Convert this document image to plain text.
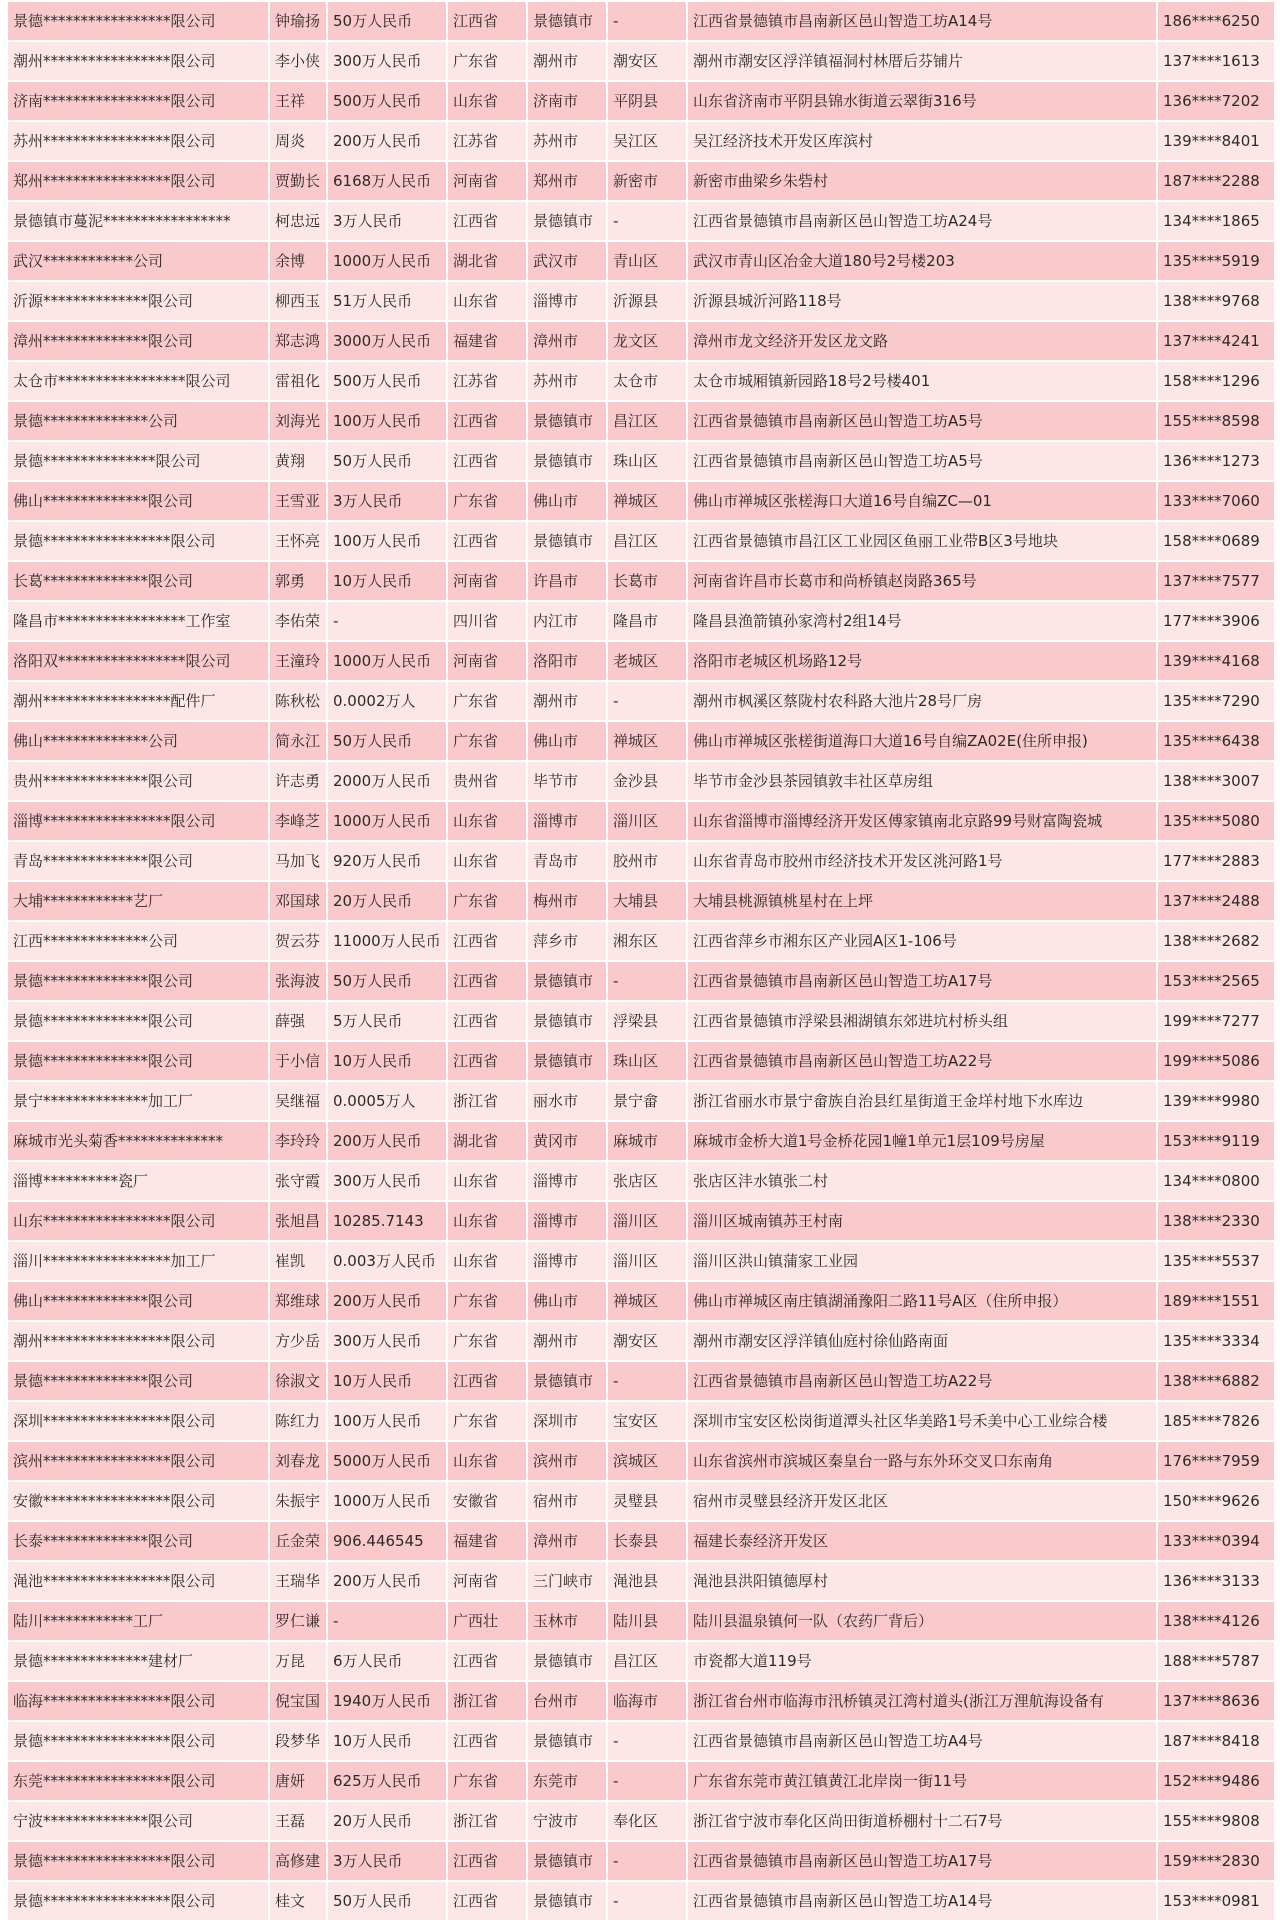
景德*****************限公司	钟瑜扬	50万人民币	江西省	景德镇市	-	江西省景德镇市昌南新区邑山智造工坊A14号	186****6250
潮州*****************限公司	李小侠	300万人民币	广东省	潮州市	潮安区	潮州市潮安区浮洋镇福洞村林厝后芬铺片	137****1613
济南*****************限公司	王祥	500万人民币	山东省	济南市	平阴县	山东省济南市平阴县锦水街道云翠街316号	136****7202
苏州*****************限公司	周炎	200万人民币	江苏省	苏州市	吴江区	吴江经济技术开发区库滨村	139****8401
郑州*****************限公司	贾勤长	6168万人民币	河南省	郑州市	新密市	新密市曲梁乡朱砦村	187****2288
景德镇市蔓泥*****************	柯忠远	3万人民币	江西省	景德镇市	-	江西省景德镇市昌南新区邑山智造工坊A24号	134****1865
武汉************公司	余博	1000万人民币	湖北省	武汉市	青山区	武汉市青山区冶金大道180号2号楼203	135****5919
沂源**************限公司	柳西玉	51万人民币	山东省	淄博市	沂源县	沂源县城沂河路118号	138****9768
漳州**************限公司	郑志鸿	3000万人民币	福建省	漳州市	龙文区	漳州市龙文经济开发区龙文路	137****4241
太仓市*****************限公司	雷祖化	500万人民币	江苏省	苏州市	太仓市	太仓市城厢镇新园路18号2号楼401	158****1296
景德**************公司	刘海光	100万人民币	江西省	景德镇市	昌江区	江西省景德镇市昌南新区邑山智造工坊A5号	155****8598
景德***************限公司	黄翔	50万人民币	江西省	景德镇市	珠山区	江西省景德镇市昌南新区邑山智造工坊A5号	136****1273
佛山**************限公司	王雪亚	3万人民币	广东省	佛山市	禅城区	佛山市禅城区张槎海口大道16号自编ZC—01	133****7060
景德*****************限公司	王怀亮	100万人民币	江西省	景德镇市	昌江区	江西省景德镇市昌江区工业园区鱼丽工业带B区3号地块	158****0689
长葛**************限公司	郭勇	10万人民币	河南省	许昌市	长葛市	河南省许昌市长葛市和尚桥镇赵岗路365号	137****7577
隆昌市*****************工作室	李佑荣	-	四川省	内江市	隆昌市	隆昌县渔箭镇孙家湾村2组14号	177****3906
洛阳双*****************限公司	王潼玲	1000万人民币	河南省	洛阳市	老城区	洛阳市老城区机场路12号	139****4168
潮州*****************配件厂	陈秋松	0.0002万人	广东省	潮州市	-	潮州市枫溪区蔡陇村农科路大池片28号厂房	135****7290
佛山**************公司	简永江	50万人民币	广东省	佛山市	禅城区	佛山市禅城区张槎街道海口大道16号自编ZA02E(住所申报)	135****6438
贵州**************限公司	许志勇	2000万人民币	贵州省	毕节市	金沙县	毕节市金沙县茶园镇敦丰社区草房组	138****3007
淄博*****************限公司	李峰芝	1000万人民币	山东省	淄博市	淄川区	山东省淄博市淄博经济开发区傅家镇南北京路99号财富陶瓷城	135****5080
青岛**************限公司	马加飞	920万人民币	山东省	青岛市	胶州市	山东省青岛市胶州市经济技术开发区洮河路1号	177****2883
大埔************艺厂	邓国球	20万人民币	广东省	梅州市	大埔县	大埔县桃源镇桃星村在上坪	137****2488
江西**************公司	贺云芬	11000万人民币	江西省	萍乡市	湘东区	江西省萍乡市湘东区产业园A区1-106号	138****2682
景德**************限公司	张海波	50万人民币	江西省	景德镇市	-	江西省景德镇市昌南新区邑山智造工坊A17号	153****2565
景德**************限公司	薛强	5万人民币	江西省	景德镇市	浮梁县	江西省景德镇市浮梁县湘湖镇东郊进坑村桥头组	199****7277
景德**************限公司	于小信	10万人民币	江西省	景德镇市	珠山区	江西省景德镇市昌南新区邑山智造工坊A22号	199****5086
景宁**************加工厂	吴继福	0.0005万人	浙江省	丽水市	景宁畲	浙江省丽水市景宁畲族自治县红星街道王金垟村地下水库边	139****9980
麻城市光头菊香**************	李玲玲	200万人民币	湖北省	黄冈市	麻城市	麻城市金桥大道1号金桥花园1幢1单元1层109号房屋	153****9119
淄博**********瓷厂	张守霞	300万人民币	山东省	淄博市	张店区	张店区沣水镇张二村	134****0800
山东*****************限公司	张旭昌	10285.7143	山东省	淄博市	淄川区	淄川区城南镇苏王村南	138****2330
淄川*****************加工厂	崔凯	0.003万人民币	山东省	淄博市	淄川区	淄川区洪山镇蒲家工业园	135****5537
佛山**************限公司	郑维球	200万人民币	广东省	佛山市	禅城区	佛山市禅城区南庄镇湖涌豫阳二路11号A区（住所申报）	189****1551
潮州*****************限公司	方少岳	300万人民币	广东省	潮州市	潮安区	潮州市潮安区浮洋镇仙庭村徐仙路南面	135****3334
景德**************限公司	徐淑文	10万人民币	江西省	景德镇市	-	江西省景德镇市昌南新区邑山智造工坊A22号	138****6882
深圳*****************限公司	陈红力	100万人民币	广东省	深圳市	宝安区	深圳市宝安区松岗街道潭头社区华美路1号禾美中心工业综合楼	185****7826
滨州*****************限公司	刘春龙	5000万人民币	山东省	滨州市	滨城区	山东省滨州市滨城区秦皇台一路与东外环交叉口东南角	176****7959
安徽*****************限公司	朱振宇	1000万人民币	安徽省	宿州市	灵璧县	宿州市灵璧县经济开发区北区	150****9626
长泰**************限公司	丘金荣	906.446545	福建省	漳州市	长泰县	福建长泰经济开发区	133****0394
渑池*****************限公司	王瑞华	200万人民币	河南省	三门峡市	渑池县	渑池县洪阳镇德厚村	136****3133
陆川************工厂	罗仁谦	-	广西壮	玉林市	陆川县	陆川县温泉镇何一队（农药厂背后）	138****4126
景德**************建材厂	万昆	6万人民币	江西省	景德镇市	昌江区	市瓷都大道119号	188****5787
临海*****************限公司	倪宝国	1940万人民币	浙江省	台州市	临海市	浙江省台州市临海市汛桥镇灵江湾村道头(浙江万浬航海设备有	137****8636
景德*****************限公司	段梦华	10万人民币	江西省	景德镇市	-	江西省景德镇市昌南新区邑山智造工坊A4号	187****8418
东莞*****************限公司	唐妍	625万人民币	广东省	东莞市	-	广东省东莞市黄江镇黄江北岸岗一街11号	152****9486
宁波**************限公司	王磊	20万人民币	浙江省	宁波市	奉化区	浙江省宁波市奉化区尚田街道桥棚村十二石7号	155****9808
景德*****************限公司	高修建	3万人民币	江西省	景德镇市	-	江西省景德镇市昌南新区邑山智造工坊A17号	159****2830
景德*****************限公司	桂文	50万人民币	江西省	景德镇市	-	江西省景德镇市昌南新区邑山智造工坊A14号	153****0981
